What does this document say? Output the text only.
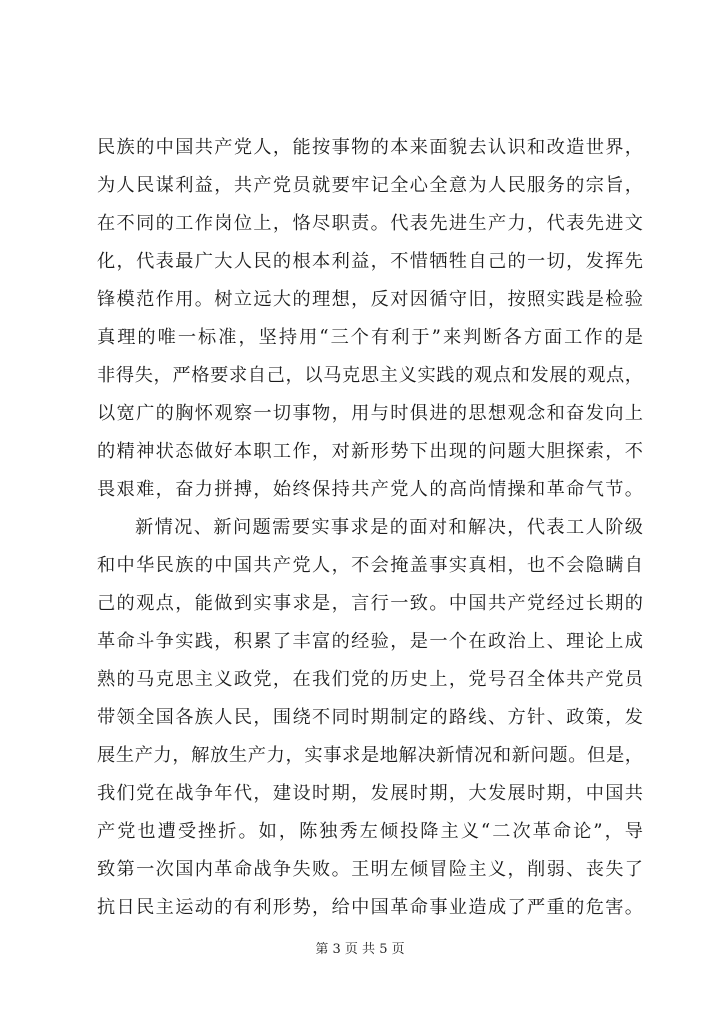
民族的中国共产党人，能按事物的本来面貌去认识和改造世界，
为人民谋利益，共产党员就要牢记全心全意为人民服务的宗旨，
在不同的工作岗位上，恪尽职责。代表先进生产力，代表先进文
化，代表最广大人民的根本利益，不惜牺牲自己的一切，发挥先
锋模范作用。树立远大的理想，反对因循守旧，按照实践是检验
真理的唯一标准，坚持用“三个有利于”来判断各方面工作的是
非得失，严格要求自己，以马克思主义实践的观点和发展的观点，
以宽广的胸怀观察一切事物，用与时俱进的思想观念和奋发向上
的精神状态做好本职工作，对新形势下出现的问题大胆探索，不
畏艰难，奋力拼搏，始终保持共产党人的高尚情操和革命气节。
新情况、新问题需要实事求是的面对和解决，代表工人阶级
和中华民族的中国共产党人，不会掩盖事实真相，也不会隐瞒自
己的观点，能做到实事求是，言行一致。中国共产党经过长期的
革命斗争实践，积累了丰富的经验，是一个在政治上、理论上成
熟的马克思主义政党，在我们党的历史上，党号召全体共产党员
带领全国各族人民，围绕不同时期制定的路线、方针、政策，发
展生产力，解放生产力，实事求是地解决新情况和新问题。但是，
我们党在战争年代，建设时期，发展时期，大发展时期，中国共
产党也遭受挫折。如，陈独秀左倾投降主义“二次革命论”，导
致第一次国内革命战争失败。王明左倾冒险主义，削弱、丧失了
抗日民主运动的有利形势，给中国革命事业造成了严重的危害。
第 3 页 共 5 页
